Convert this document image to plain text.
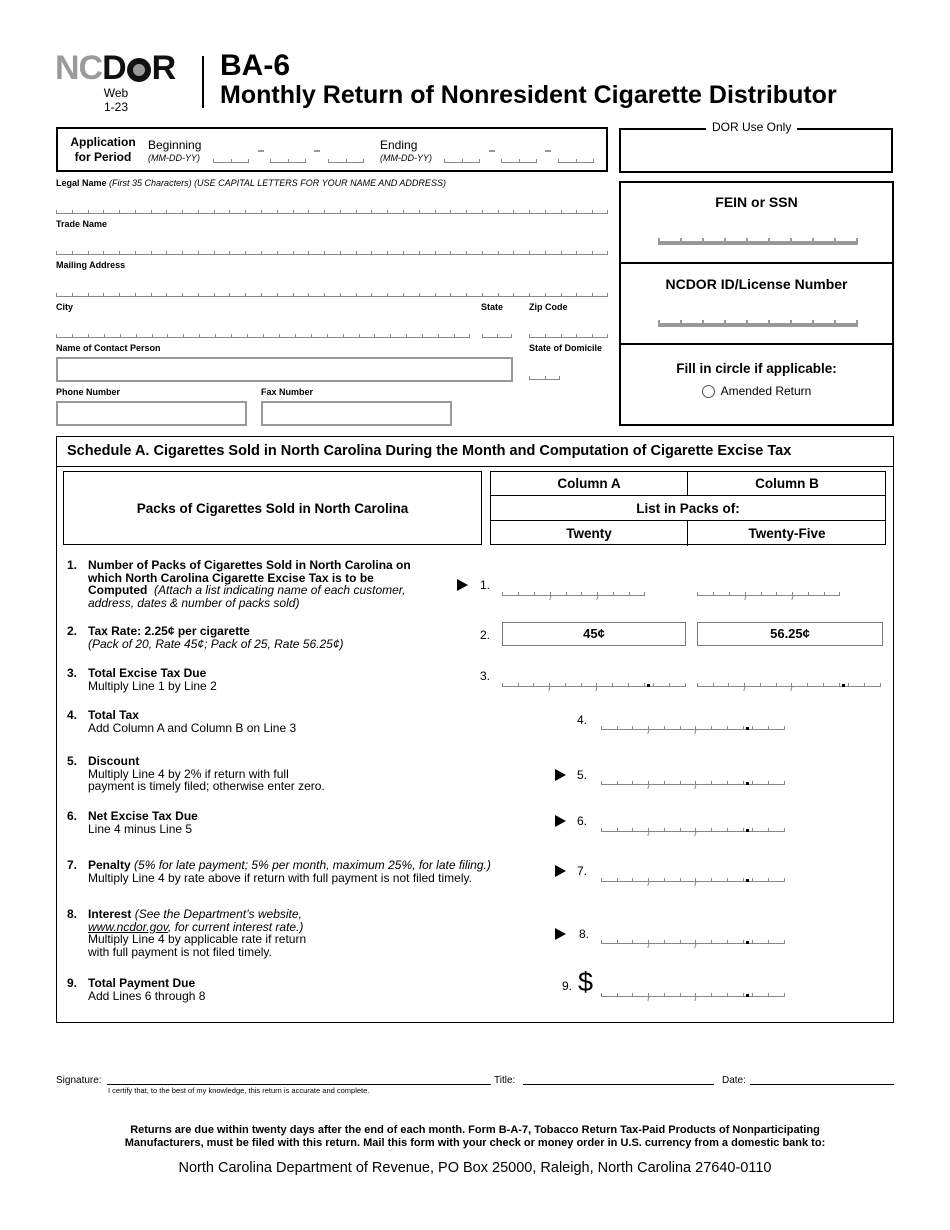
NCD R
Web
1-23
BA-6
Monthly Return of Nonresident Cigarette Distributor
Application
for Period
Beginning
(MM-DD-YY)
Ending
(MM-DD-YY)
Legal Name (First 35 Characters) (USE CAPITAL LETTERS FOR YOUR NAME AND ADDRESS)
Trade Name
Mailing Address
City	State	Zip Code
Name of Contact Person	State of Domicile
Phone Number	Fax Number
DOR Use Only
FEIN or SSN
NCDOR ID/License Number
Fill in circle if applicable:
Amended Return
Schedule A. Cigarettes Sold in North Carolina During the Month and Computation of Cigarette Excise Tax
Packs of Cigarettes Sold in North Carolina
Column A	Column B
List in Packs of:
Twenty	Twenty-Five
1. Number of Packs of Cigarettes Sold in North Carolina on
which North Carolina Cigarette Excise Tax is to be
Computed (Attach a list indicating name of each customer,
address, dates & number of packs sold)
1.
2. Tax Rate: 2.25¢ per cigarette
(Pack of 20, Rate 45¢; Pack of 25, Rate 56.25¢)
2.	45¢	56.25¢
3. Total Excise Tax Due
Multiply Line 1 by Line 2
3.
4. Total Tax
Add Column A and Column B on Line 3
4.
5. Discount
Multiply Line 4 by 2% if return with full
payment is timely filed; otherwise enter zero.
5.
6. Net Excise Tax Due
Line 4 minus Line 5
6.
7. Penalty (5% for late payment; 5% per month, maximum 25%, for late filing.)
Multiply Line 4 by rate above if return with full payment is not filed timely.	7.
8. Interest (See the Department’s website,
www.ncdor.gov, for current interest rate.)
Multiply Line 4 by applicable rate if return
with full payment is not filed timely.
8.
9. Total Payment Due
Add Lines 6 through 8
9. $
Signature:
I certify that, to the best of my knowledge, this return is accurate and complete.
Title:	Date:
Returns are due within twenty days after the end of each month. Form B-A-7, Tobacco Return Tax-Paid Products of Nonparticipating
Manufacturers, must be filed with this return. Mail this form with your check or money order in U.S. currency from a domestic bank to:
North Carolina Department of Revenue, PO Box 25000, Raleigh, North Carolina 27640-0110
